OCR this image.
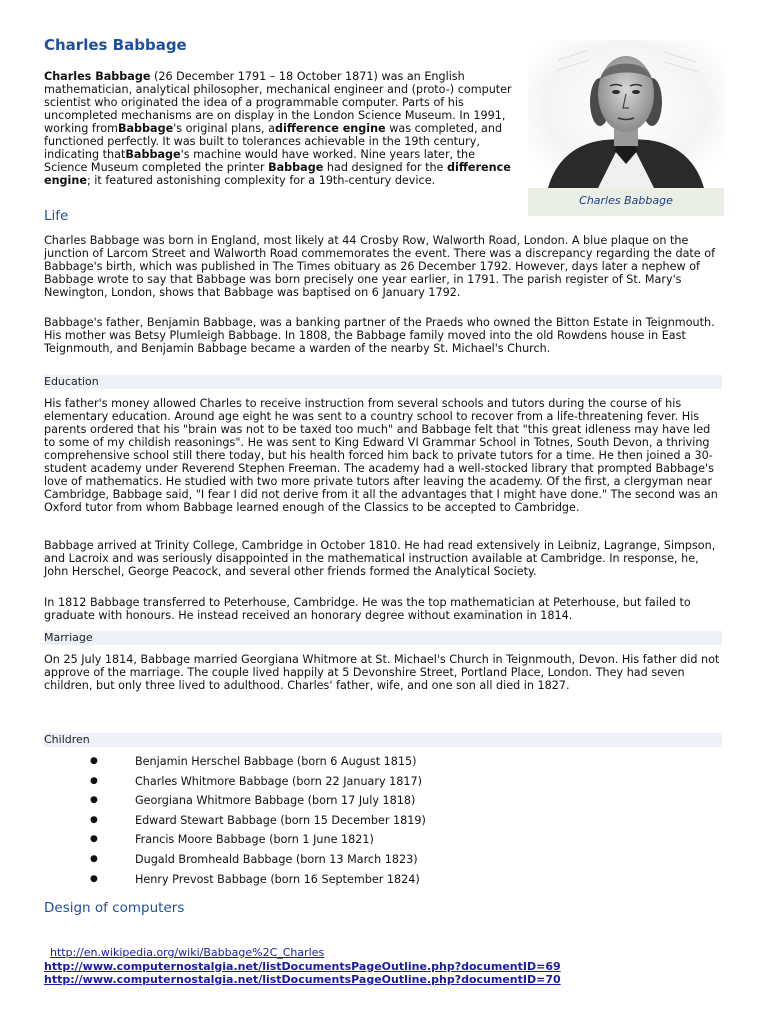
Charles Babbage
Charles Babbage

Charles Babbage (26 December 1791 – 18 October 1871) was an English mathematician, analytical philosopher, mechanical engineer and (proto-) computer scientist who originated the idea of a programmable computer. Parts of his uncompleted mechanisms are on display in the London Science Museum. In 1991, working fromBabbage's original plans, adifference engine was completed, and functioned perfectly. It was built to tolerances achievable in the 19th century, indicating thatBabbage's machine would have worked. Nine years later, the Science Museum completed the printer Babbage had designed for the difference engine; it featured astonishing complexity for a 19th-century device.

Life

Charles Babbage was born in England, most likely at 44 Crosby Row, Walworth Road, London. A blue plaque on the junction of Larcom Street and Walworth Road commemorates the event. There was a discrepancy regarding the date of Babbage's birth, which was published in The Times obituary as 26 December 1792. However, days later a nephew of Babbage wrote to say that Babbage was born precisely one year earlier, in 1791. The parish register of St. Mary's Newington, London, shows that Babbage was baptised on 6 January 1792.

Babbage's father, Benjamin Babbage, was a banking partner of the Praeds who owned the Bitton Estate in Teignmouth. His mother was Betsy Plumleigh Babbage. In 1808, the Babbage family moved into the old Rowdens house in East Teignmouth, and Benjamin Babbage became a warden of the nearby St. Michael's Church.

Education

His father's money allowed Charles to receive instruction from several schools and tutors during the course of his elementary education. Around age eight he was sent to a country school to recover from a life-threatening fever. His parents ordered that his "brain was not to be taxed too much" and Babbage felt that "this great idleness may have led to some of my childish reasonings". He was sent to King Edward VI Grammar School in Totnes, South Devon, a thriving comprehensive school still there today, but his health forced him back to private tutors for a time. He then joined a 30-student academy under Reverend Stephen Freeman. The academy had a well-stocked library that prompted Babbage's love of mathematics. He studied with two more private tutors after leaving the academy. Of the first, a clergyman near Cambridge, Babbage said, "I fear I did not derive from it all the advantages that I might have done." The second was an Oxford tutor from whom Babbage learned enough of the Classics to be accepted to Cambridge.

Babbage arrived at Trinity College, Cambridge in October 1810. He had read extensively in Leibniz, Lagrange, Simpson, and Lacroix and was seriously disappointed in the mathematical instruction available at Cambridge. In response, he, John Herschel, George Peacock, and several other friends formed the Analytical Society.

In 1812 Babbage transferred to Peterhouse, Cambridge. He was the top mathematician at Peterhouse, but failed to graduate with honours. He instead received an honorary degree without examination in 1814.

Marriage

On 25 July 1814, Babbage married Georgiana Whitmore at St. Michael's Church in Teignmouth, Devon. His father did not approve of the marriage. The couple lived happily at 5 Devonshire Street, Portland Place, London. They had seven children, but only three lived to adulthood. Charles' father, wife, and one son all died in 1827.

Children
●	Benjamin Herschel Babbage (born 6 August 1815)
●	Charles Whitmore Babbage (born 22 January 1817)
●	Georgiana Whitmore Babbage (born 17 July 1818)
●	Edward Stewart Babbage (born 15 December 1819)
●	Francis Moore Babbage (born 1 June 1821)
●	Dugald Bromheald Babbage (born 13 March 1823)
●	Henry Prevost Babbage (born 16 September 1824)
Design of computers
http://en.wikipedia.org/wiki/Babbage%2C_Charles
http://www.computernostalgia.net/listDocumentsPageOutline.php?documentID=69
http://www.computernostalgia.net/listDocumentsPageOutline.php?documentID=70
